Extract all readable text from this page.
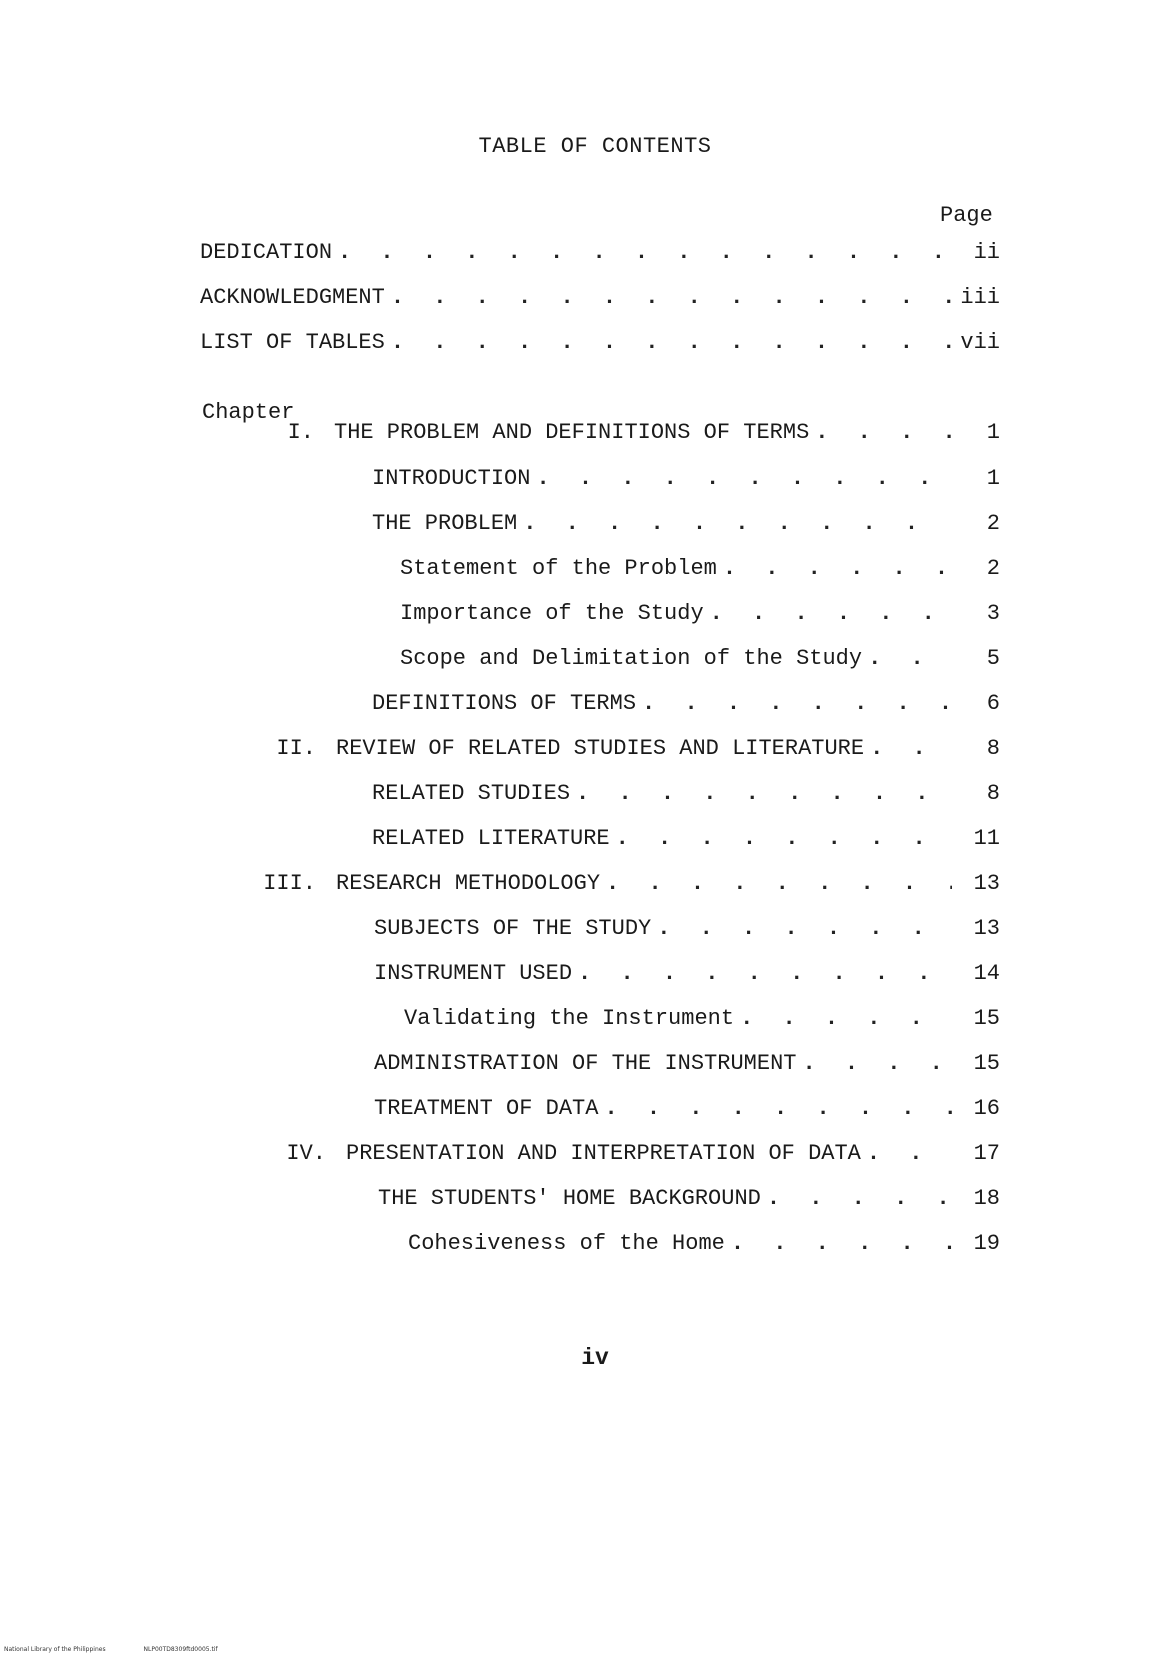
TABLE OF CONTENTS
Page
DEDICATION . . .	ii
ACKNOWLEDGMENT . . .	iii
LIST OF TABLES . . .	vii
Chapter
I. THE PROBLEM AND DEFINITIONS OF TERMS . . .	1
INTRODUCTION . . .	1
THE PROBLEM . . .	2
Statement of the Problem . . .	2
Importance of the Study . . .	3
Scope and Delimitation of the Study . . .	5
DEFINITIONS OF TERMS . . .	6
II. REVIEW OF RELATED STUDIES AND LITERATURE . . .	8
RELATED STUDIES . . .	8
RELATED LITERATURE . . .	11
III. RESEARCH METHODOLOGY . . .	13
SUBJECTS OF THE STUDY . . .	13
INSTRUMENT USED . . .	14
Validating the Instrument . . .	15
ADMINISTRATION OF THE INSTRUMENT . . .	15
TREATMENT OF DATA . . .	16
IV. PRESENTATION AND INTERPRETATION OF DATA . . .	17
THE STUDENTS' HOME BACKGROUND . . .	18
Cohesiveness of the Home . . .	19
iv
National Library of the Philippines	NLP00TD8309ftd0005.tif
